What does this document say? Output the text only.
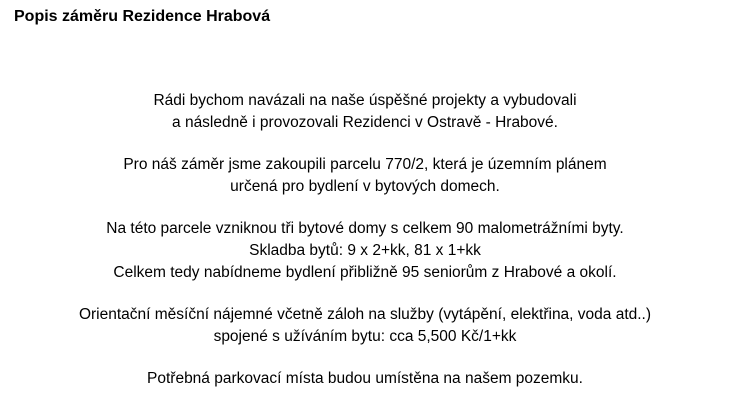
Popis záměru Rezidence Hrabová

Rádi bychom navázali na naše úspěšné projekty a vybudovali
a následně i provozovali Rezidenci v Ostravě - Hrabové.

Pro náš záměr jsme zakoupili parcelu 770/2, která je územním plánem
určená pro bydlení v bytových domech.

Na této parcele vzniknou tři bytové domy s celkem 90 malometrážními byty.
Skladba bytů: 9 x 2+kk, 81 x 1+kk
Celkem tedy nabídneme bydlení přibližně 95 seniorům z Hrabové a okolí.

Orientační měsíční nájemné včetně záloh na služby (vytápění, elektřina, voda atd..)
spojené s užíváním bytu: cca 5,500 Kč/1+kk

Potřebná parkovací místa budou umístěna na našem pozemku.
